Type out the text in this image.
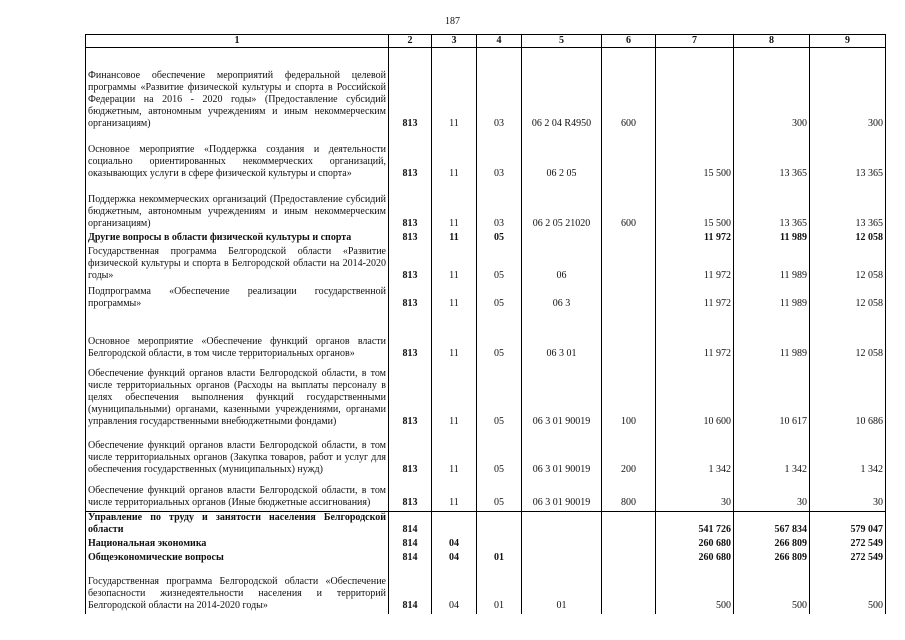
187
1	2	3	4	5	6	7	8	9
Финансовое обеспечение мероприятий федеральной целевой программы «Развитие физической культуры и спорта в Российской Федерации на 2016 - 2020 годы» (Предоставление субсидий бюджетным, автономным учреждениям и иным некоммерческим организациям)	813	11	03	06 2 04 R4950	600		300	300
Основное мероприятие «Поддержка создания и деятельности социально ориентированных некоммерческих организаций, оказывающих услуги в сфере физической культуры и спорта»	813	11	03	06 2 05		15 500	13 365	13 365
Поддержка некоммерческих организаций (Предоставление субсидий бюджетным, автономным учреждениям и иным некоммерческим организациям)	813	11	03	06 2 05 21020	600	15 500	13 365	13 365
Другие вопросы в области физической культуры и спорта	813	11	05			11 972	11 989	12 058
Государственная программа Белгородской области «Развитие физической культуры и спорта в Белгородской области на 2014-2020 годы»	813	11	05	06		11 972	11 989	12 058
Подпрограмма «Обеспечение реализации государственной программы»	813	11	05	06 3		11 972	11 989	12 058
Основное мероприятие «Обеспечение функций органов власти Белгородской области, в том числе территориальных органов»	813	11	05	06 3 01		11 972	11 989	12 058
Обеспечение функций органов власти Белгородской области, в том числе территориальных органов (Расходы на выплаты персоналу в целях обеспечения выполнения функций государственными (муниципальными) органами, казенными учреждениями, органами управления государственными внебюджетными фондами)	813	11	05	06 3 01 90019	100	10 600	10 617	10 686
Обеспечение функций органов власти Белгородской области, в том числе территориальных органов (Закупка товаров, работ и услуг для обеспечения государственных (муниципальных) нужд)	813	11	05	06 3 01 90019	200	1 342	1 342	1 342
Обеспечение функций органов власти Белгородской области, в том числе территориальных органов (Иные бюджетные ассигнования)	813	11	05	06 3 01 90019	800	30	30	30
Управление по труду и занятости населения Белгородской области	814					541 726	567 834	579 047
Национальная экономика	814	04				260 680	266 809	272 549
Общеэкономические вопросы	814	04	01			260 680	266 809	272 549
Государственная программа Белгородской области «Обеспечение безопасности жизнедеятельности населения и территорий Белгородской области на 2014-2020 годы»	814	04	01	01		500	500	500
